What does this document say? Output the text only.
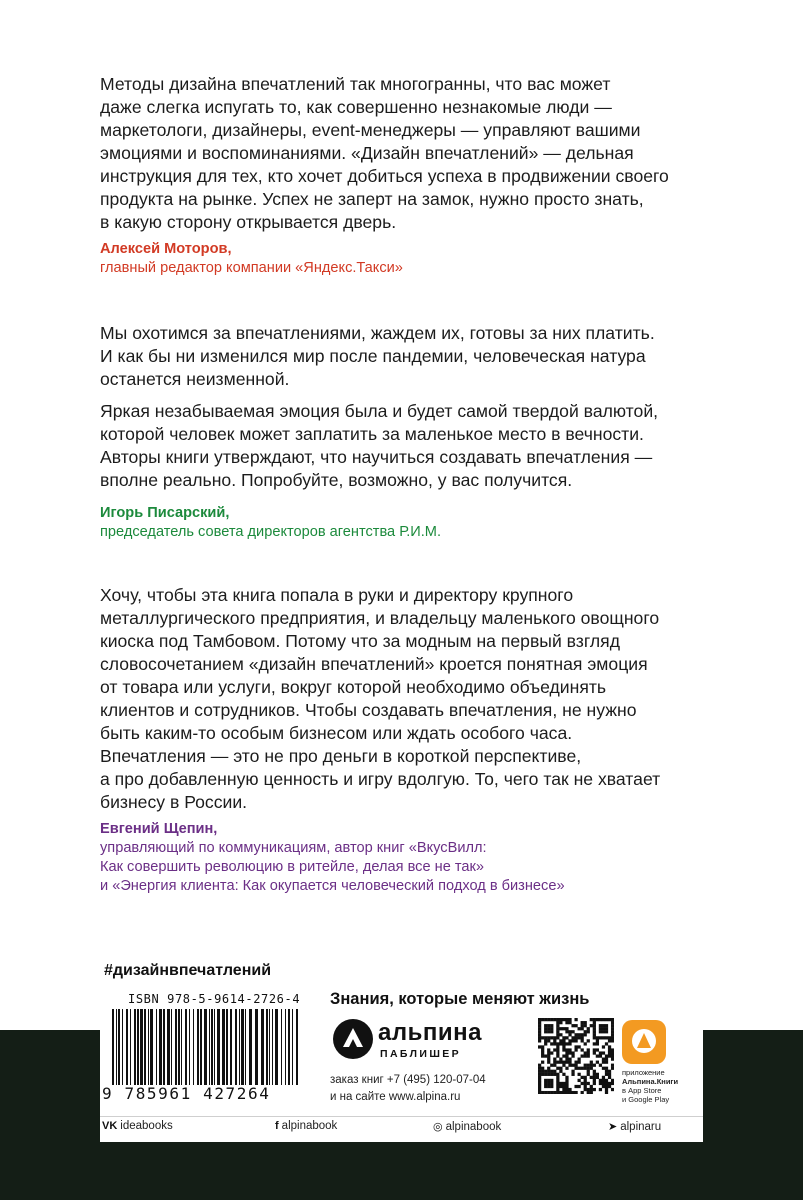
Методы дизайна впечатлений так многогранны, что вас может
даже слегка испугать то, как совершенно незнакомые люди —
маркетологи, дизайнеры, event-менеджеры — управляют вашими
эмоциями и воспоминаниями. «Дизайн впечатлений» — дельная
инструкция для тех, кто хочет добиться успеха в продвижении своего
продукта на рынке. Успех не заперт на замок, нужно просто знать,
в какую сторону открывается дверь.

Алексей Моторов,
главный редактор компании «Яндекс.Такси»

Мы охотимся за впечатлениями, жаждем их, готовы за них платить.
И как бы ни изменился мир после пандемии, человеческая натура
останется неизменной.

Яркая незабываемая эмоция была и будет самой твердой валютой,
которой человек может заплатить за маленькое место в вечности.
Авторы книги утверждают, что научиться создавать впечатления —
вполне реально. Попробуйте, возможно, у вас получится.

Игорь Писарский,
председатель совета директоров агентства Р.И.М.

Хочу, чтобы эта книга попала в руки и директору крупного
металлургического предприятия, и владельцу маленького овощного
киоска под Тамбовом. Потому что за модным на первый взгляд
словосочетанием «дизайн впечатлений» кроется понятная эмоция
от товара или услуги, вокруг которой необходимо объединять
клиентов и сотрудников. Чтобы создавать впечатления, не нужно
быть каким-то особым бизнесом или ждать особого часа.
Впечатления — это не про деньги в короткой перспективе,
а про добавленную ценность и игру вдолгую. То, чего так не хватает
бизнесу в России.

Евгений Щепин,
управляющий по коммуникациям, автор книг «ВкусВилл:
Как совершить революцию в ритейле, делая все не так»
и «Энергия клиента: Как окупается человеческий подход в бизнесе»
#дизайнвпечатлений
ISBN 978-5-9614-2726-4
9 785961 427264
Знания, которые меняют жизнь
альпина
ПАБЛИШЕР
заказ книг +7 (495) 120-07-04
и на сайте www.alpina.ru
приложение
Альпина.Книги
в App Store
и Google Play
VK ideabooks	f alpinabook	◎ alpinabook	➤ alpinaru
